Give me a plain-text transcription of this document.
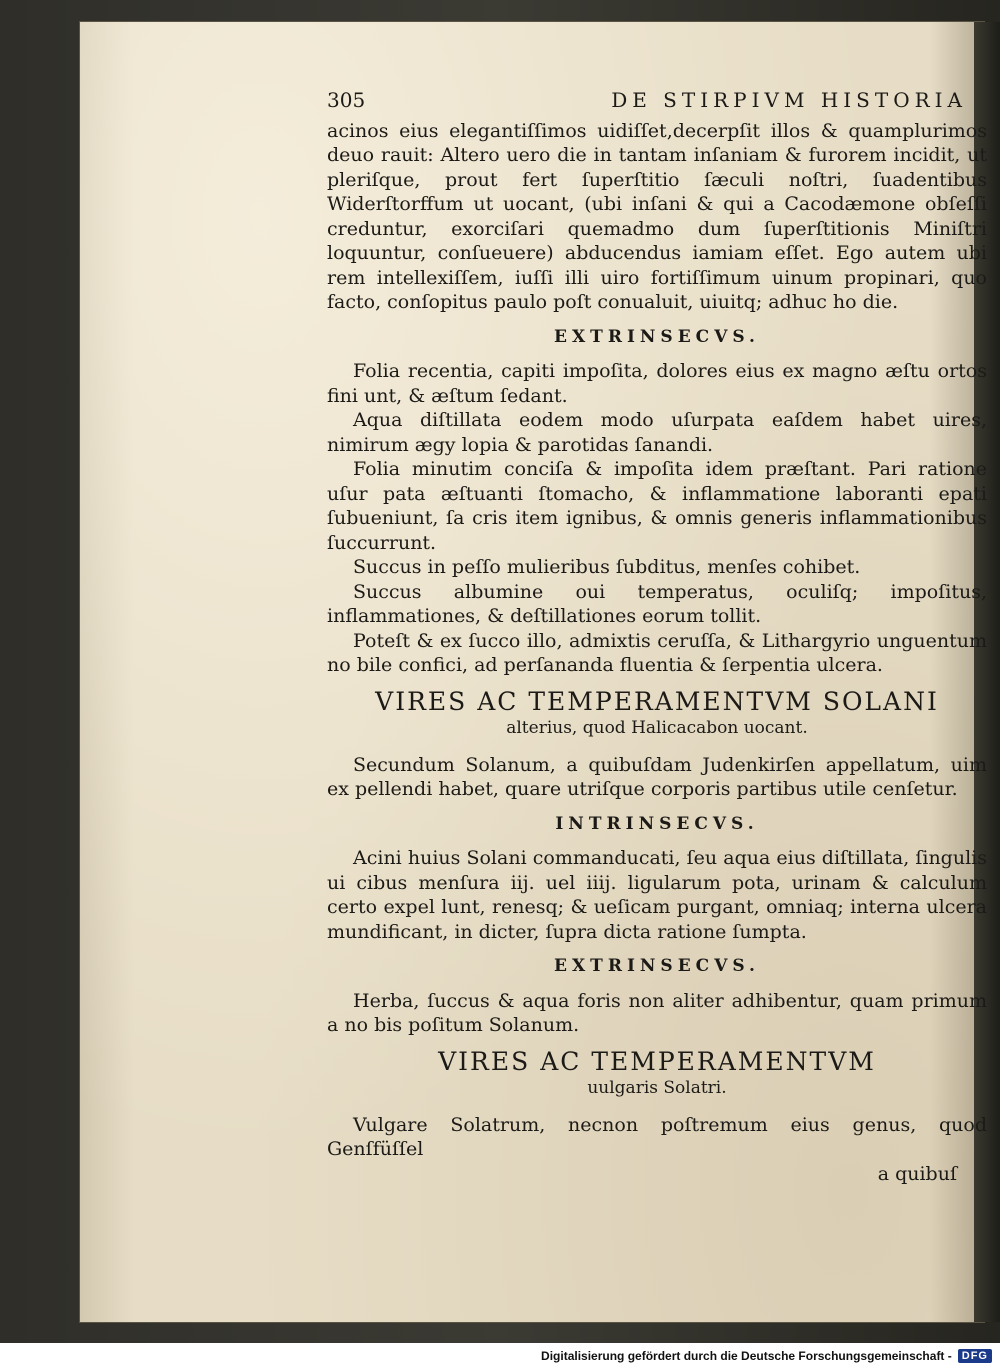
305	DE STIRPIVM HISTORIA

acinos eius elegantiſſimos uidiſſet,decerpſit illos & quamplurimos deuo rauit: Altero uero die in tantam inſaniam & furorem incidit, ut pleriſque, prout fert ſuperſtitio ſæculi noſtri, ſuadentibus Widerſtorffum ut uocant, (ubi inſani & qui a Cacodæmone obſeſſi creduntur, exorciſari quemadmo dum ſuperſtitionis Miniſtri loquuntur, conſueuere) abducendus iamiam eſſet. Ego autem ubi rem intellexiſſem, iuſſi illi uiro fortiſſimum uinum propinari, quo facto, conſopitus paulo poſt conualuit, uiuitq; adhuc ho die.

EXTRINSECVS.

Folia recentia, capiti impoſita, dolores eius ex magno æſtu ortos fini unt, & æſtum ſedant.

Aqua diſtillata eodem modo uſurpata eaſdem habet uires, nimirum ægy lopia & parotidas ſanandi.

Folia minutim conciſa & impoſita idem præſtant. Pari ratione uſur pata æſtuanti ſtomacho, & inflammatione laboranti epati ſubueniunt, ſa cris item ignibus, & omnis generis inflammationibus ſuccurrunt.

Succus in peſſo mulieribus ſubditus, menſes cohibet.

Succus albumine oui temperatus, oculiſq; impoſitus, inflammationes, & deſtillationes eorum tollit.

Poteſt & ex ſucco illo, admixtis ceruſſa, & Lithargyrio unguentum no bile confici, ad perſananda fluentia & ſerpentia ulcera.

VIRES AC TEMPERAMENTVM SOLANI
alterius, quod Halicacabon uocant.

Secundum Solanum, a quibuſdam Judenkirſen appellatum, uim ex pellendi habet, quare utriſque corporis partibus utile cenſetur.

INTRINSECVS.

Acini huius Solani commanducati, ſeu aqua eius diſtillata, ſingulis ui cibus menſura iij. uel iiij. ligularum pota, urinam & calculum certo expel lunt, renesq; & ueſicam purgant, omniaq; interna ulcera mundificant, in dicter, ſupra dicta ratione ſumpta.

EXTRINSECVS.

Herba, ſuccus & aqua foris non aliter adhibentur, quam primum a no bis poſitum Solanum.

VIRES AC TEMPERAMENTVM
uulgaris Solatri.

Vulgare Solatrum, necnon poſtremum eius genus, quod Genſfüſſel

a quibuſ
Digitalisierung gefördert durch die Deutsche Forschungsgemeinschaft - DFG
